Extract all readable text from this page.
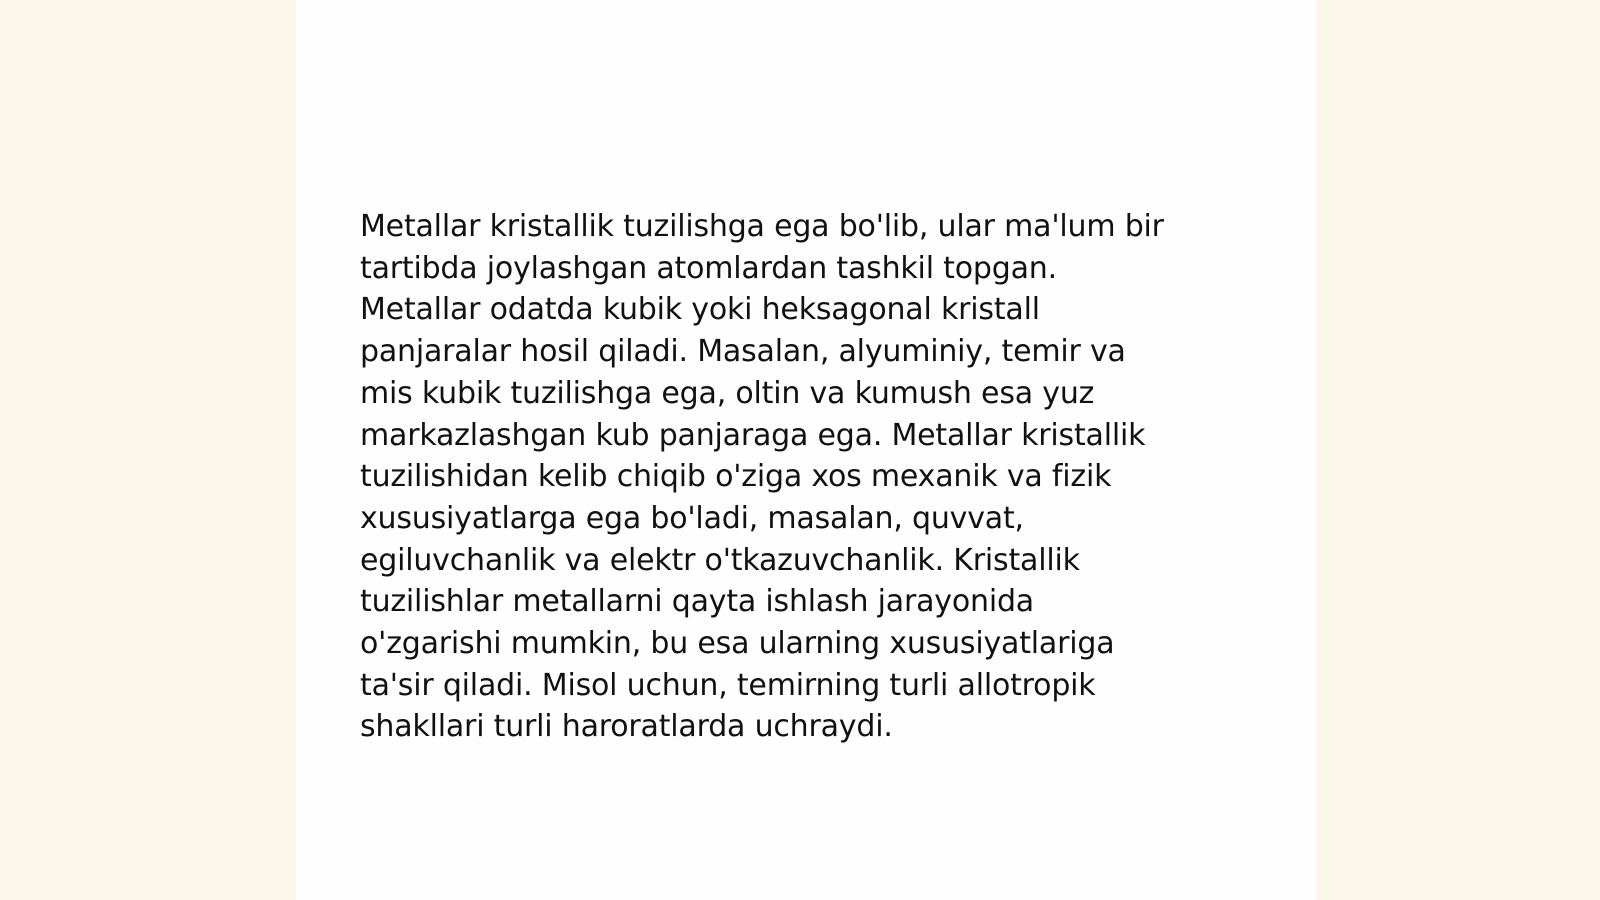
Metallar kristallik tuzilishga ega bo'lib, ular ma'lum bir
tartibda joylashgan atomlardan tashkil topgan.
Metallar odatda kubik yoki heksagonal kristall
panjaralar hosil qiladi. Masalan, alyuminiy, temir va
mis kubik tuzilishga ega, oltin va kumush esa yuz
markazlashgan kub panjaraga ega. Metallar kristallik
tuzilishidan kelib chiqib o'ziga xos mexanik va fizik
xususiyatlarga ega bo'ladi, masalan, quvvat,
egiluvchanlik va elektr o'tkazuvchanlik. Kristallik
tuzilishlar metallarni qayta ishlash jarayonida
o'zgarishi mumkin, bu esa ularning xususiyatlariga
ta'sir qiladi. Misol uchun, temirning turli allotropik
shakllari turli haroratlarda uchraydi.
